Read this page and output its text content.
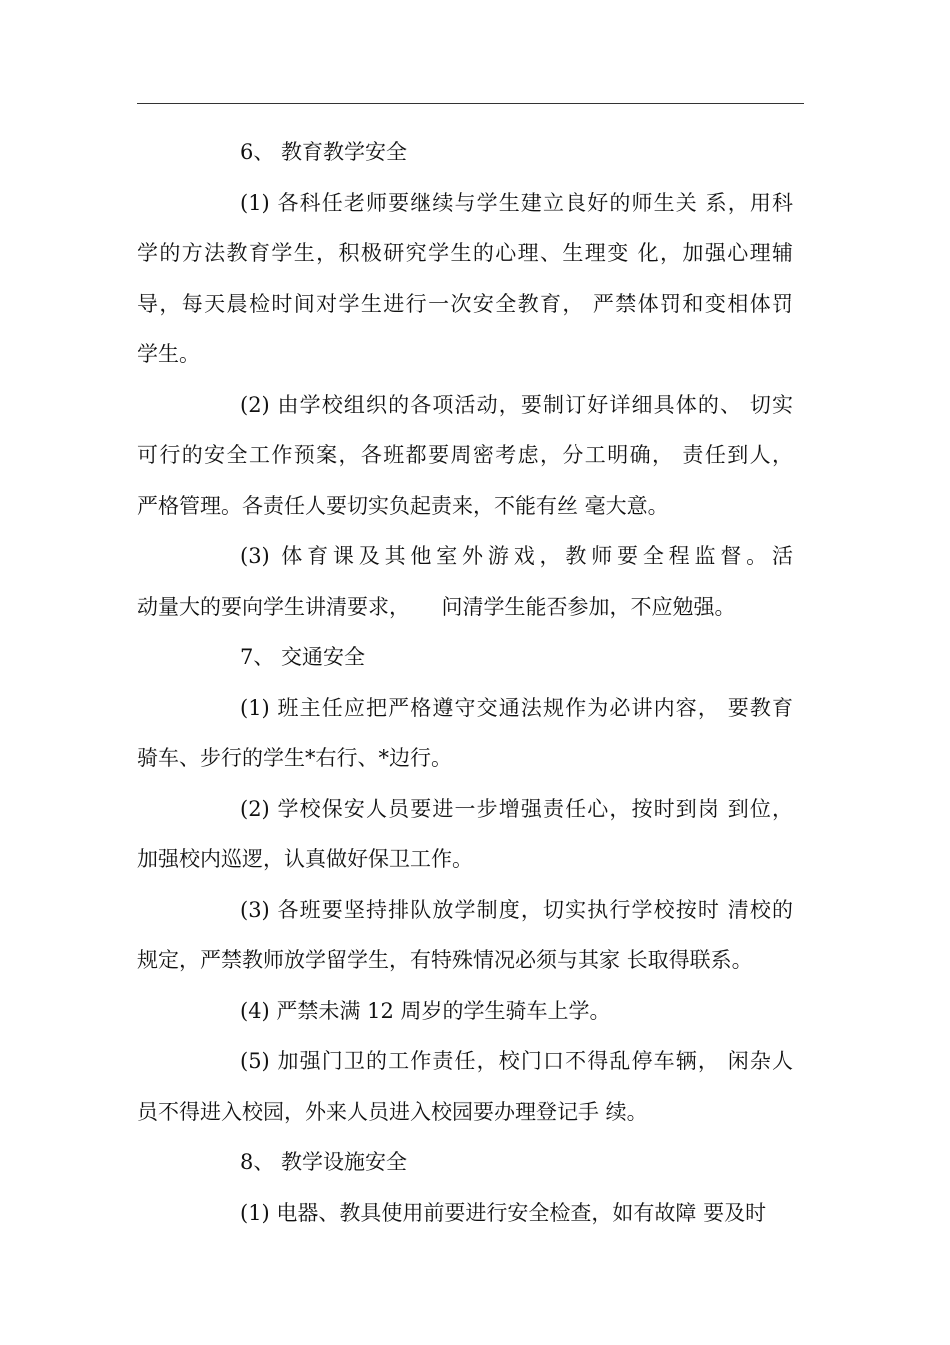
6、 教育教学安全
(1) 各科任老师要继续与学生建立良好的师生关 系，用科
学的方法教育学生，积极研究学生的心理、生理变 化，加强心理辅
导，每天晨检时间对学生进行一次安全教育， 严禁体罚和变相体罚
学生。
(2) 由学校组织的各项活动，要制订好详细具体的、 切实
可行的安全工作预案，各班都要周密考虑，分工明确， 责任到人，
严格管理。各责任人要切实负起责来，不能有丝 毫大意。
(3) 体育课及其他室外游戏，教师要全程监督。活
动量大的要向学生讲清要求，　　问清学生能否参加，不应勉强。
7、 交通安全
(1) 班主任应把严格遵守交通法规作为必讲内容， 要教育
骑车、步行的学生*右行、*边行。
(2) 学校保安人员要进一步增强责任心，按时到岗 到位，
加强校内巡逻，认真做好保卫工作。
(3) 各班要坚持排队放学制度，切实执行学校按时 清校的
规定，严禁教师放学留学生，有特殊情况必须与其家 长取得联系。
(4) 严禁未满 12 周岁的学生骑车上学。
(5) 加强门卫的工作责任，校门口不得乱停车辆， 闲杂人
员不得进入校园，外来人员进入校园要办理登记手 续。
8、 教学设施安全
(1) 电器、教具使用前要进行安全检查，如有故障 要及时
